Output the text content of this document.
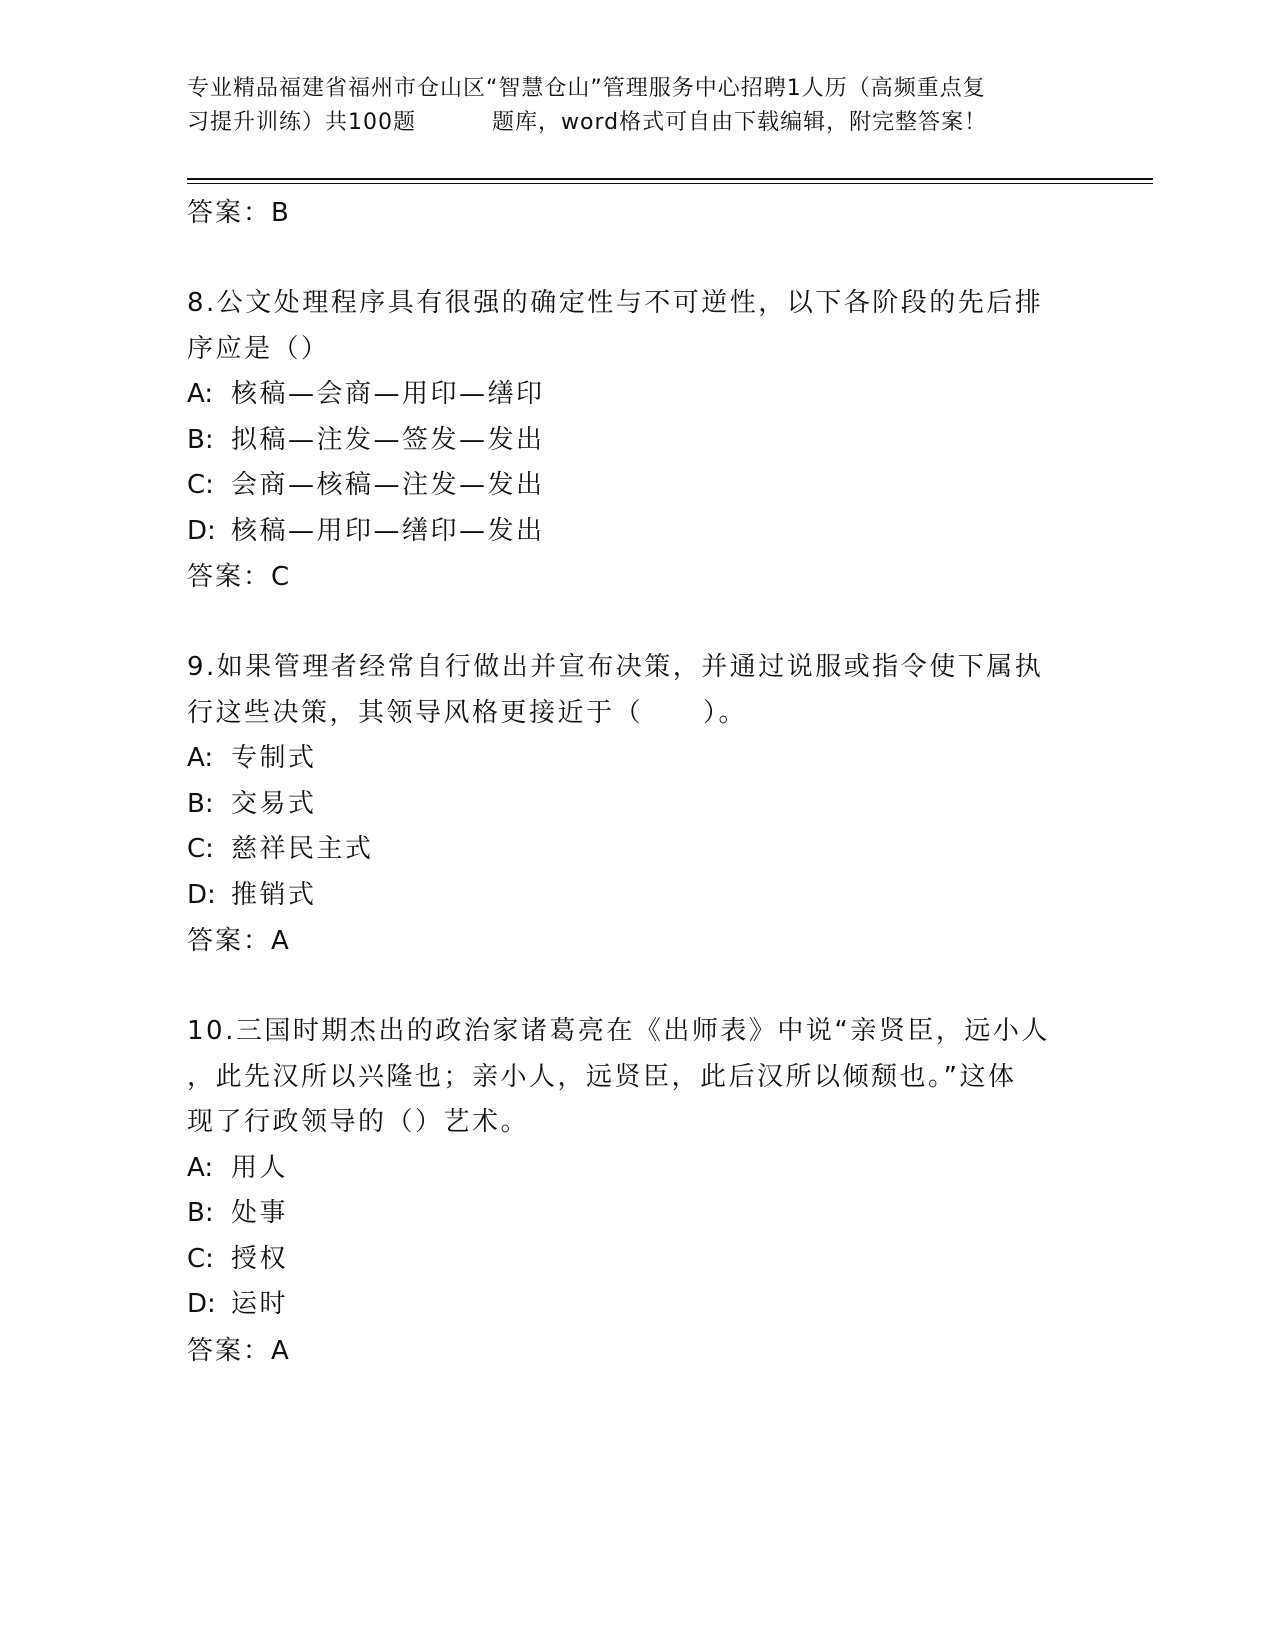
专业精品福建省福州市仓山区“智慧仓山”管理服务中心招聘1人历（高频重点复
习提升训练）共100题	题库，word格式可自由下载编辑，附完整答案！
答案：B
8.公文处理程序具有很强的确定性与不可逆性，以下各阶段的先后排
序应是（）
A: 核稿—会商—用印—缮印
B: 拟稿—注发—签发—发出
C: 会商—核稿—注发—发出
D: 核稿—用印—缮印—发出
答案：C
9.如果管理者经常自行做出并宣布决策，并通过说服或指令使下属执
行这些决策，其领导风格更接近于（ ）。
A: 专制式
B: 交易式
C: 慈祥民主式
D: 推销式
答案：A
10.三国时期杰出的政治家诸葛亮在《出师表》中说“亲贤臣，远小人
，此先汉所以兴隆也；亲小人，远贤臣，此后汉所以倾颓也。”这体
现了行政领导的（）艺术。
A: 用人
B: 处事
C: 授权
D: 运时
答案：A
